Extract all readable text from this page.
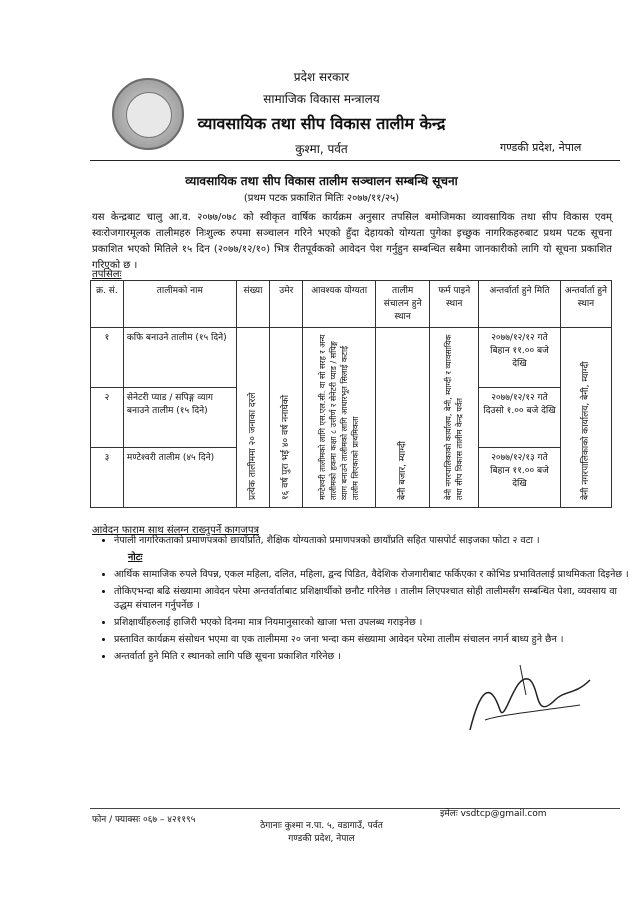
प्रदेश सरकार
सामाजिक विकास मन्त्रालय
व्यावसायिक तथा सीप विकास तालीम केन्द्र
कुश्मा, पर्वत	गण्डकी प्रदेश, नेपाल
व्यावसायिक तथा सीप विकास तालीम सञ्चालन सम्बन्धि सूचना
(प्रथम पटक प्रकाशित मितिः २०७७/११/२५)
यस केन्द्रबाट चालु आ.व. २०७७/०७८ को स्वीकृत वार्षिक कार्यक्रम अनुसार तपसिल बमोजिमका व्यावसायिक तथा सीप विकास एवम् स्वःरोजगारमूलक तालीमहरु निःशुल्क रुपमा सञ्चालन गरिने भएको हुँदा देहायको योग्यता पुगेका इच्छुक नागरिकहरुबाट प्रथम पटक सूचना प्रकाशित भएको मितिले १५ दिन (२०७७/१२/१०) भित्र रीतपूर्वकको आवेदन पेश गर्नुहुन सम्बन्धित सबैमा जानकारीको लागि यो सूचना प्रकाशित गरिएको छ ।
तपसिलः
क्र. सं.	तालीमको नाम	संख्या	उमेर	आवश्यक योग्यता	तालीम संचालन हुने स्थान	फर्म पाइने स्थान	अन्तर्वार्ता हुने मिति	अन्तर्वार्ता हुने स्थान
१	कफि बनाउने तालीम (१५ दिने)	प्रत्येक तालीममा २० जनाका दरले	१६ वर्ष पुरा भई ४० वर्ष ननाघेको	मण्टेश्वरी तालीमको लागि एस.एल.सी. वा सो सरह र अन्य तालीमको हकमा कक्षा ८ उत्तीर्ण र सेनेटरी प्याड / सपिङ्ग व्याग बनाउने तालीमको लागि आधारभूत सिलाई कटाई तालीम लिएकाको प्राथमिकता	बेनी बजार, म्याग्दी	बेनी नगरपालिकाको कार्यालय, बेनी, म्याग्दी र व्यावसायिक तथा सीप विकास तालीम केन्द्र पर्वत	२०७७/१२/१२ गते बिहान ११.०० बजे देखि	बेनी नगरपालिकाको कार्यालय, बेनी, म्याग्दी

२	सेनेटरी प्याड / सपिङ्ग व्याग बनाउने तालीम (१५ दिने)						२०७७/१२/१२ गते दिउसो १.०० बजे देखि	
३	मण्टेश्वरी तालीम (४५ दिने)						२०७७/१२/१३ गते बिहान ११.०० बजे देखि	
आवेदन फाराम साथ संलग्न राख्नुपर्ने कागजपत्र
• नेपाली नागरिकताको प्रमाणपत्रको छायाँप्रति, शैक्षिक योग्यताको प्रमाणपत्रको छायाँप्रति सहित पासपोर्ट साइजका फोटा २ वटा ।
नोटः
• आर्थिक सामाजिक रुपले विपन्न, एकल महिला, दलित, महिला, द्वन्द पिडित, वैदेशिक रोजगारीबाट फर्किएका र कोभिड प्रभावितलाई प्राथमिकता दिइनेछ ।
• तोकिएभन्दा बढि संख्यामा आवेदन परेमा अन्तर्वार्ताबाट प्रशिक्षार्थीको छनौट गरिनेछ । तालीम लिएपश्चात सोही तालीमसँग सम्बन्धित पेशा, व्यवसाय वा उद्धम संचालन गर्नुपर्नेछ ।
• प्रशिक्षार्थीहरुलाई हाजिरी भएको दिनमा मात्र नियमानुसारको खाजा भत्ता उपलब्ध गराइनेछ ।
• प्रस्तावित कार्यक्रम संसोधन भएमा वा एक तालीममा २० जना भन्दा कम संख्यामा आवेदन परेमा तालीम संचालन नगर्न बाध्य हुने छैन ।
• अन्तर्वार्ता हुने मिति र स्थानको लागि पछि सूचना प्रकाशित गरिनेछ ।
फोन / फ्याक्सः ०६७ – ४२११९५
इमेलः vsdtcp@gmail.com
ठेगानाः कुश्मा न.पा. ५, वडागाउँ, पर्वत
गण्डकी प्रदेश, नेपाल
